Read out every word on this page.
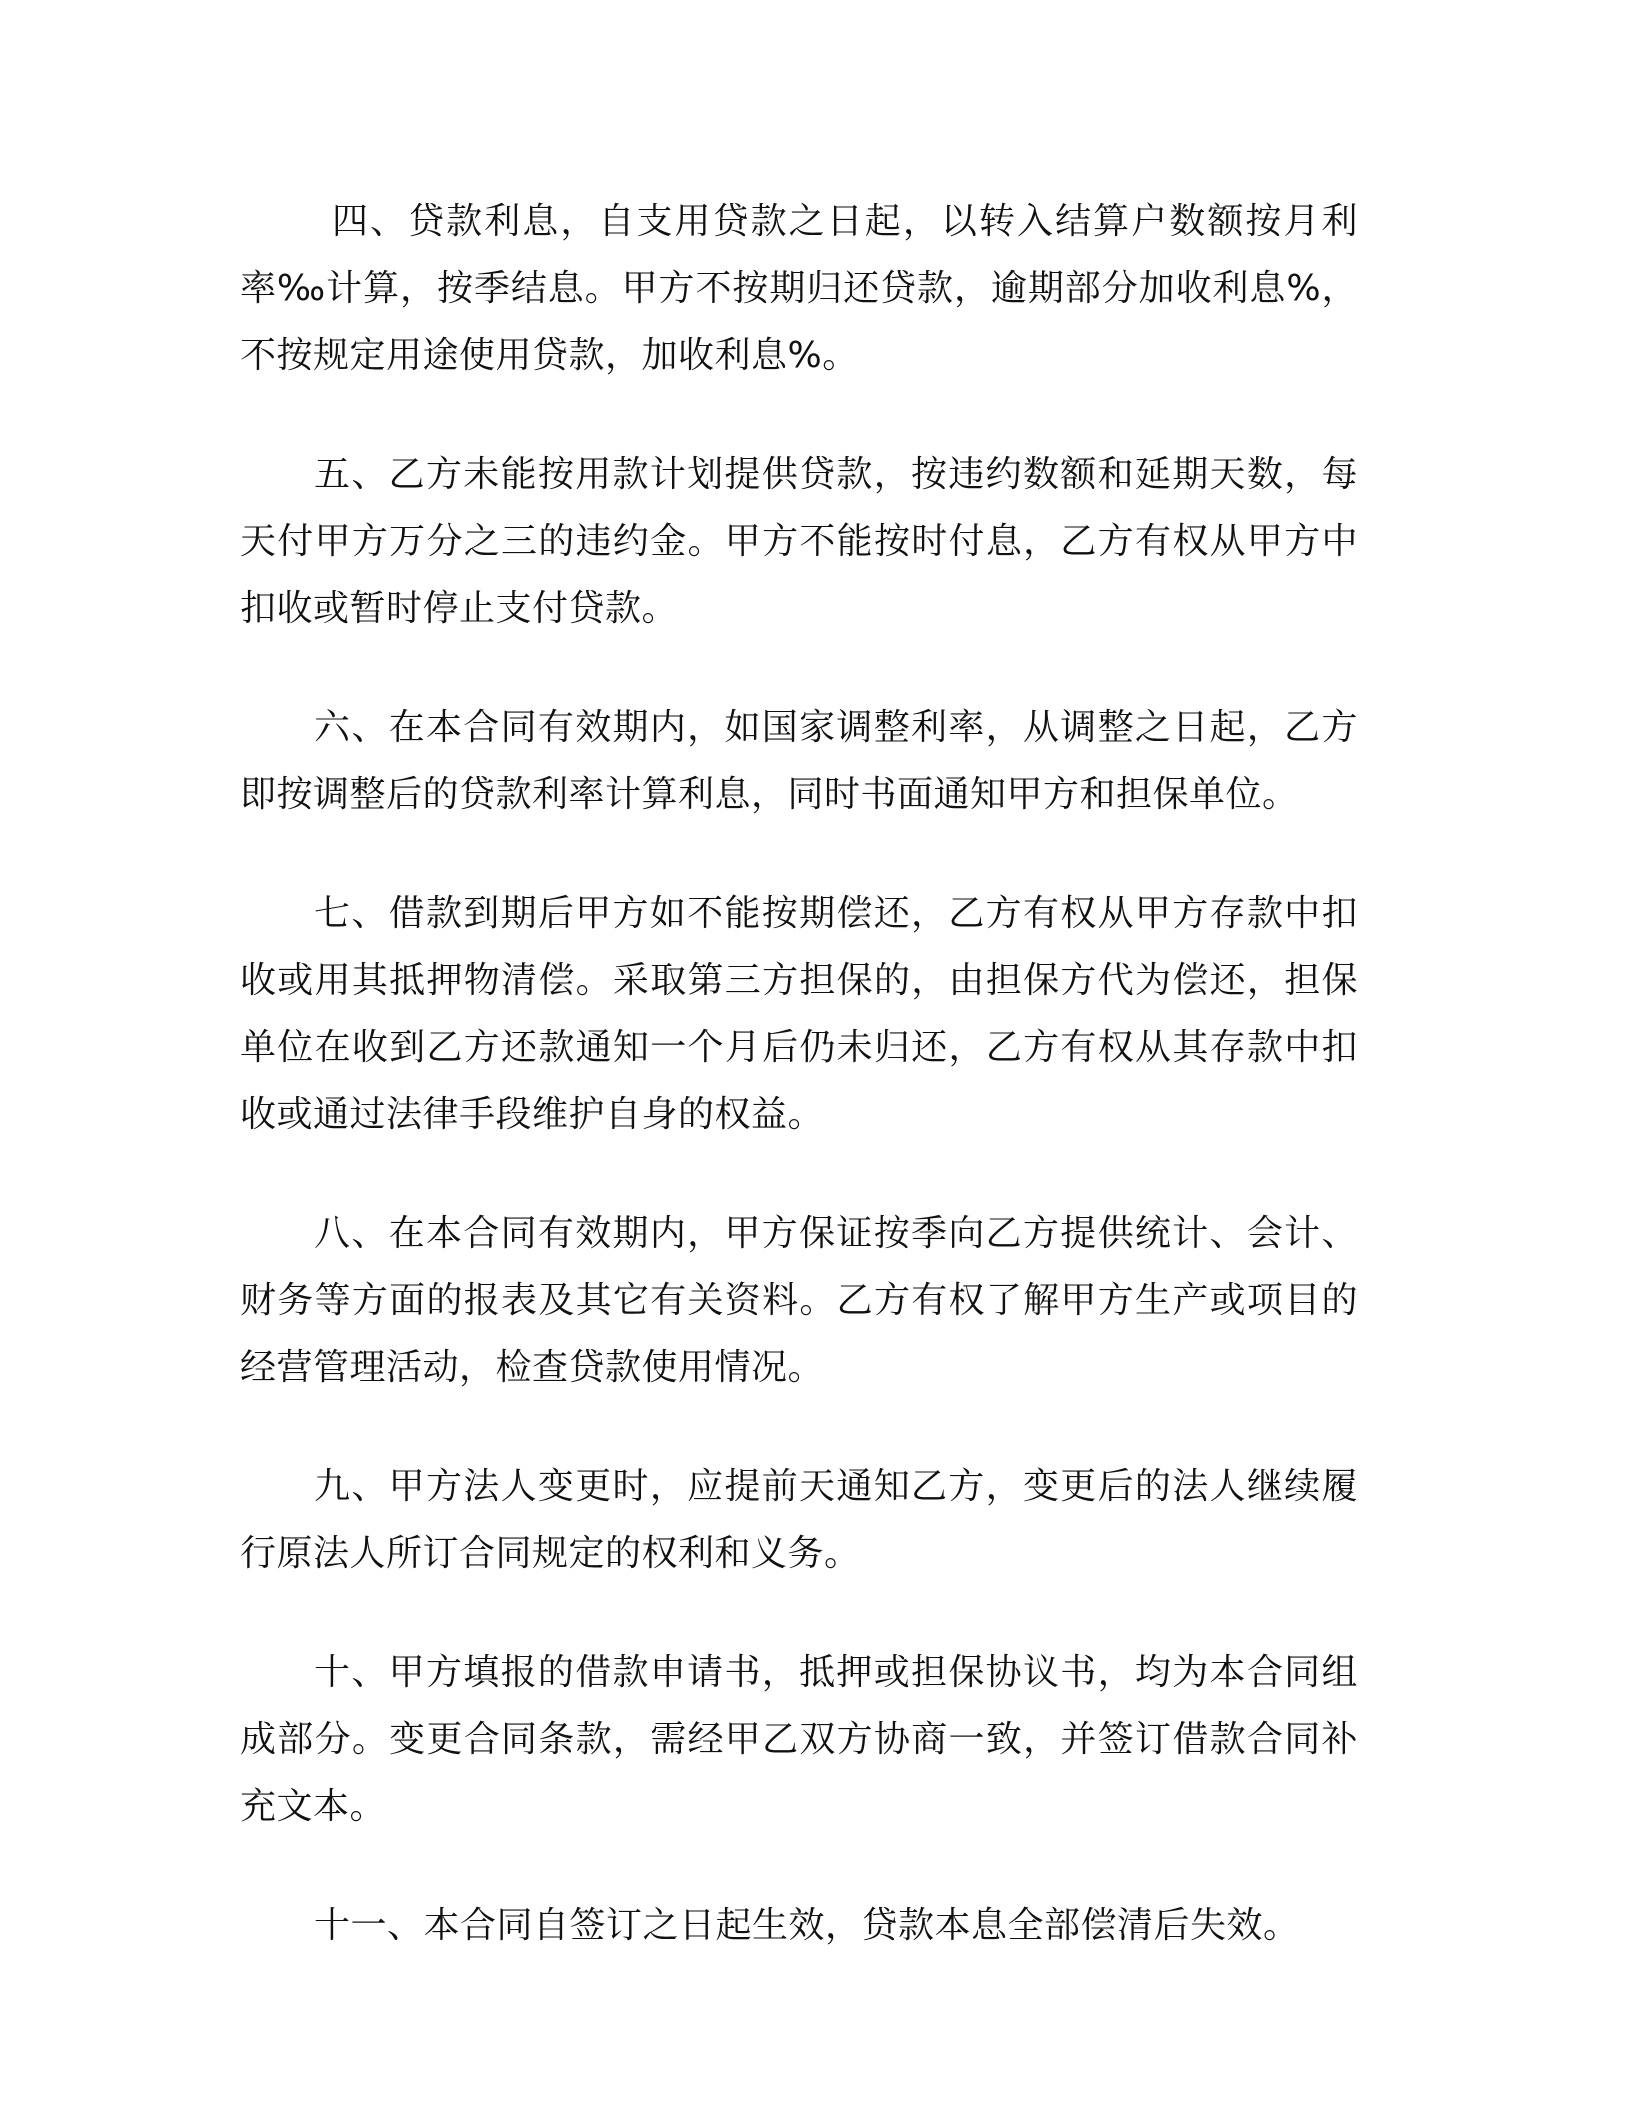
四、贷款利息，自支用贷款之日起，以转入结算户数额按月利率‰计算，按季结息。甲方不按期归还贷款，逾期部分加收利息%，不按规定用途使用贷款，加收利息%。

五、乙方未能按用款计划提供贷款，按违约数额和延期天数，每天付甲方万分之三的违约金。甲方不能按时付息，乙方有权从甲方中扣收或暂时停止支付贷款。

六、在本合同有效期内，如国家调整利率，从调整之日起，乙方即按调整后的贷款利率计算利息，同时书面通知甲方和担保单位。

七、借款到期后甲方如不能按期偿还，乙方有权从甲方存款中扣收或用其抵押物清偿。采取第三方担保的，由担保方代为偿还，担保单位在收到乙方还款通知一个月后仍未归还，乙方有权从其存款中扣收或通过法律手段维护自身的权益。

八、在本合同有效期内，甲方保证按季向乙方提供统计、会计、财务等方面的报表及其它有关资料。乙方有权了解甲方生产或项目的经营管理活动，检查贷款使用情况。

九、甲方法人变更时，应提前天通知乙方，变更后的法人继续履行原法人所订合同规定的权利和义务。

十、甲方填报的借款申请书，抵押或担保协议书，均为本合同组成部分。变更合同条款，需经甲乙双方协商一致，并签订借款合同补充文本。

十一、本合同自签订之日起生效，贷款本息全部偿清后失效。
